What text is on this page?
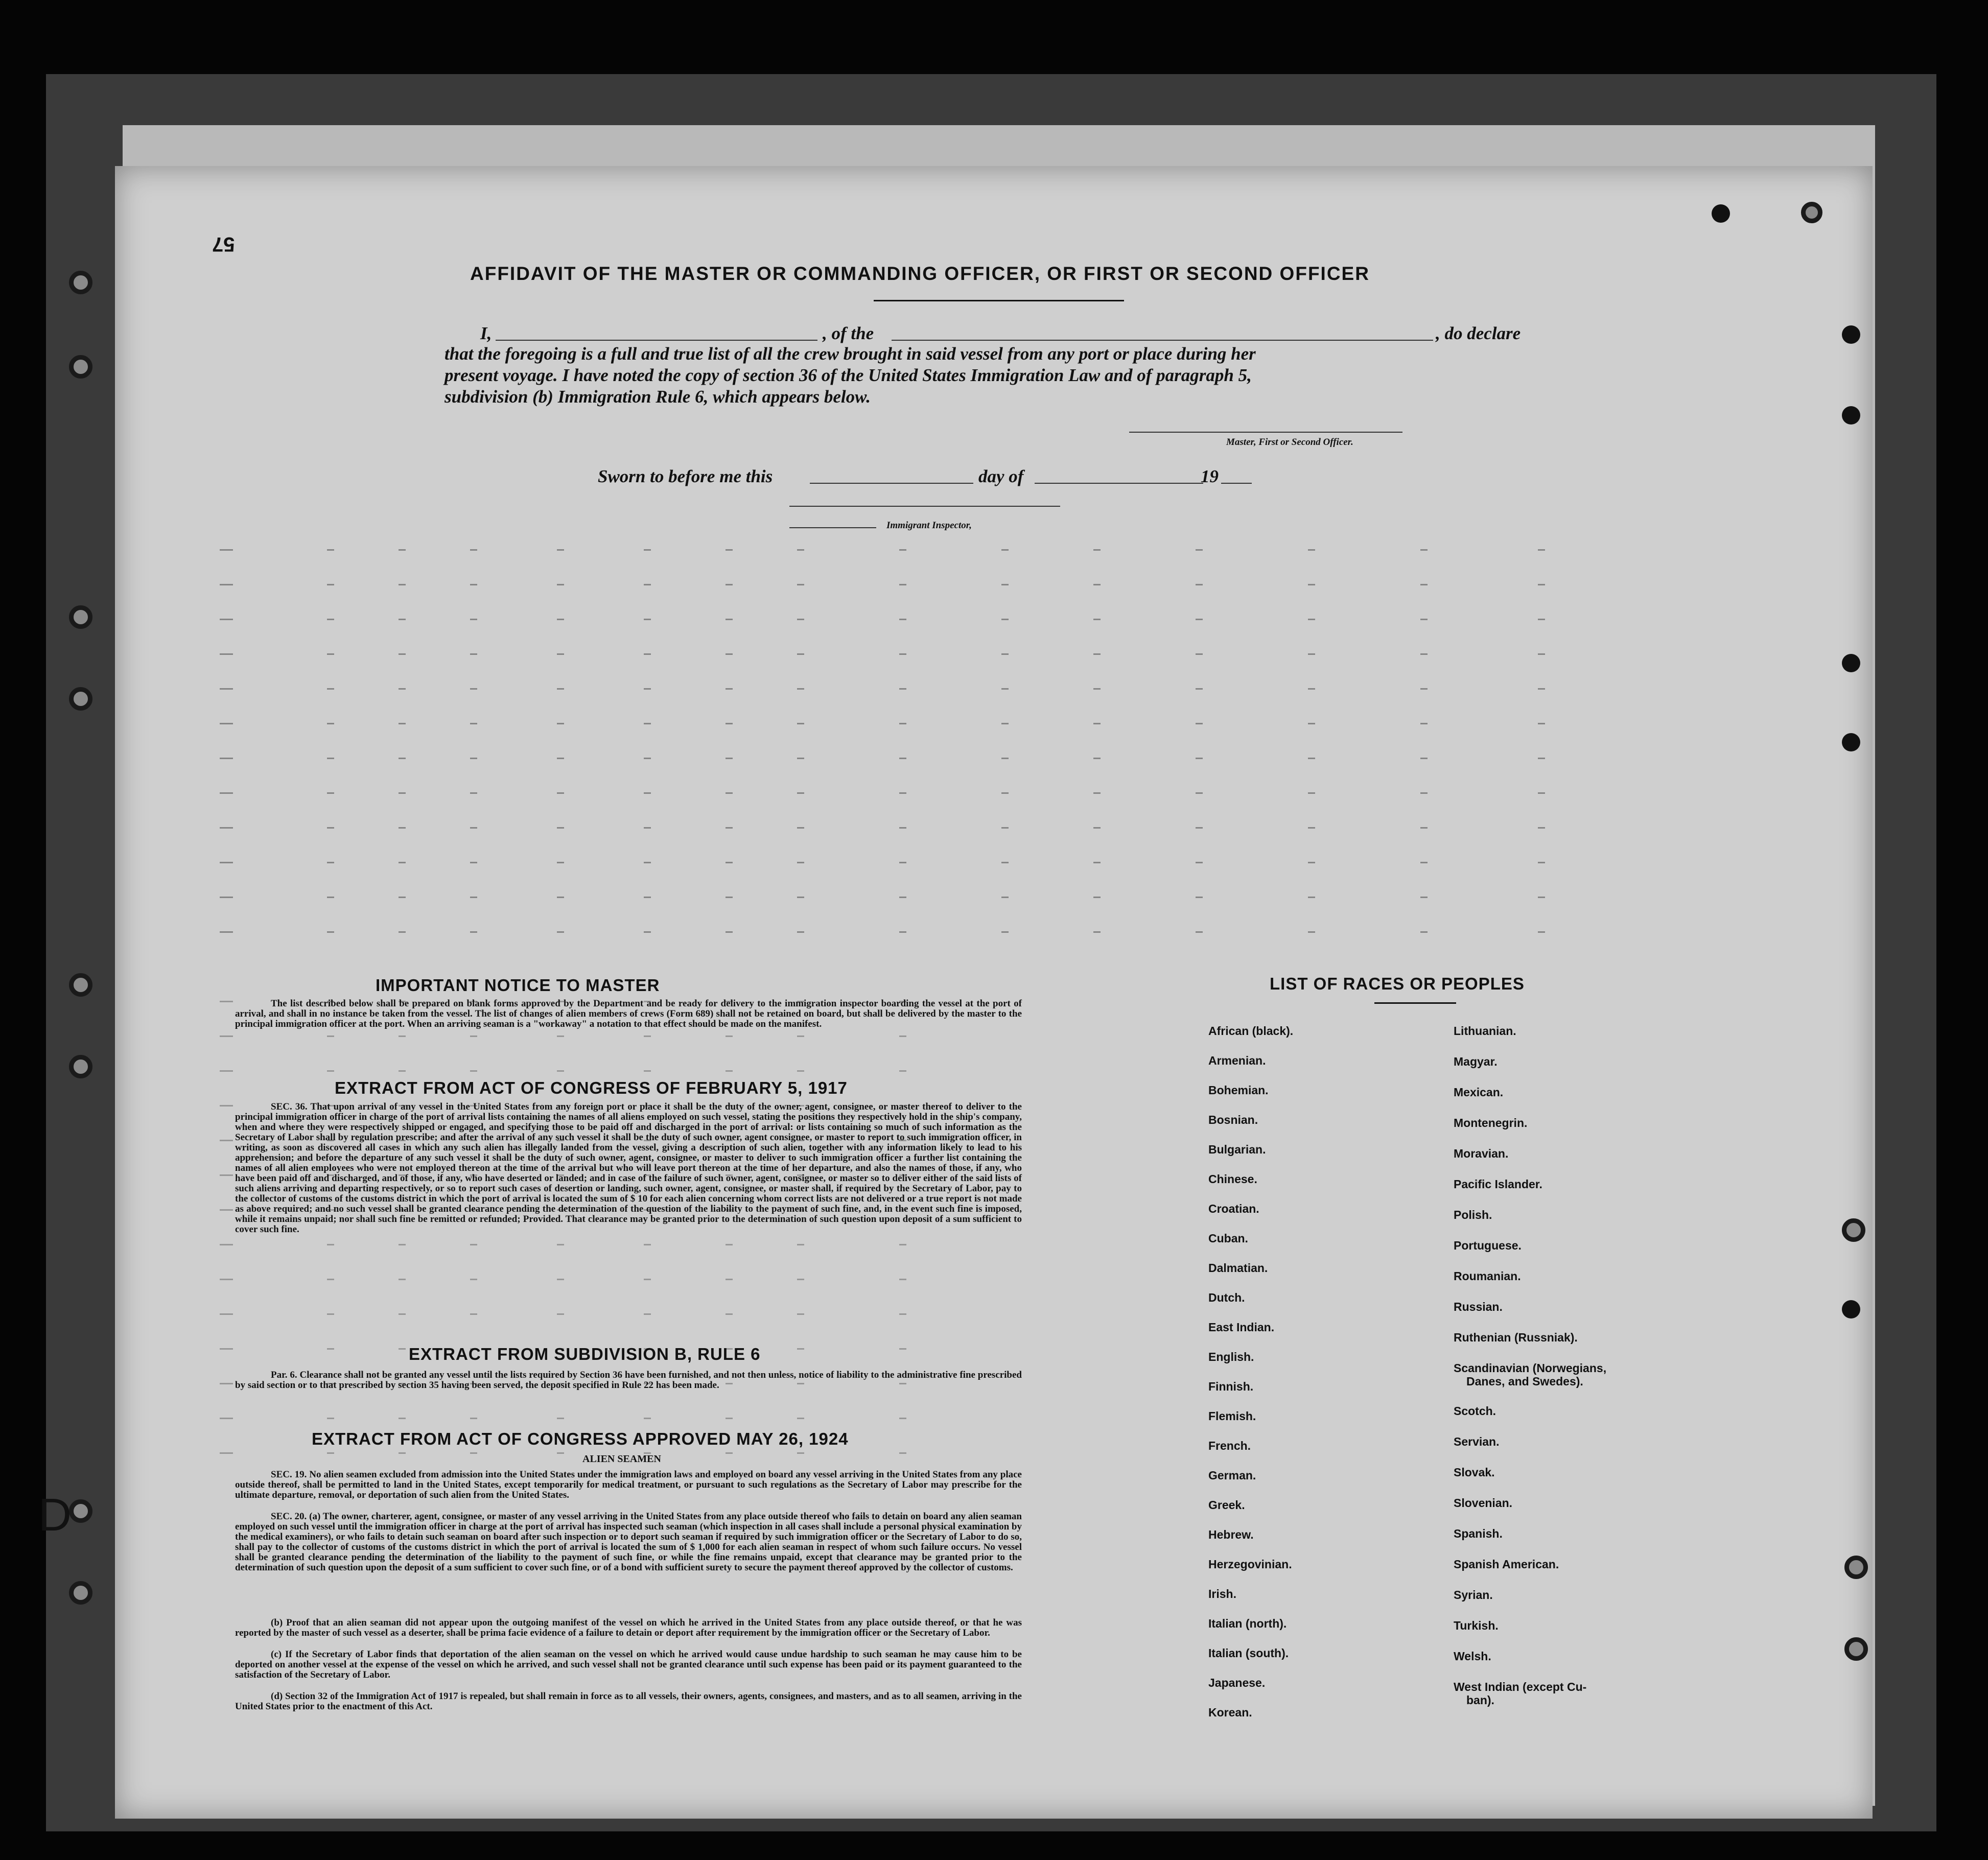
57
D
AFFIDAVIT OF THE MASTER OR COMMANDING OFFICER, OR FIRST OR SECOND OFFICER
I,	, of the	, do declare
that the foregoing is a full and true list of all the crew brought in said vessel from any port or place during her
present voyage. I have noted the copy of section 36 of the United States Immigration Law and of paragraph 5,
subdivision (b) Immigration Rule 6, which appears below.
Master, First or Second Officer.
Sworn to before me this	day of	19
Immigrant Inspector,
IMPORTANT NOTICE TO MASTER
The list described below shall be prepared on blank forms approved by the Department and be ready for delivery to the immigration inspector boarding the vessel at the port of arrival, and shall in no instance be taken from the vessel. The list of changes of alien members of crews (Form 689) shall not be retained on board, but shall be delivered by the master to the principal immigration officer at the port. When an arriving seaman is a "workaway" a notation to that effect should be made on the manifest.
EXTRACT FROM ACT OF CONGRESS OF FEBRUARY 5, 1917
SEC. 36. That upon arrival of any vessel in the United States from any foreign port or place it shall be the duty of the owner, agent, consignee, or master thereof to deliver to the principal immigration officer in charge of the port of arrival lists containing the names of all aliens employed on such vessel, stating the positions they respectively hold in the ship's company, when and where they were respectively shipped or engaged, and specifying those to be paid off and discharged in the port of arrival: or lists containing so much of such information as the Secretary of Labor shall by regulation prescribe; and after the arrival of any such vessel it shall be the duty of such owner, agent consignee, or master to report to such immigration officer, in writing, as soon as discovered all cases in which any such alien has illegally landed from the vessel, giving a description of such alien, together with any information likely to lead to his apprehension; and before the departure of any such vessel it shall be the duty of such owner, agent, consignee, or master to deliver to such immigration officer a further list containing the names of all alien employees who were not employed thereon at the time of the arrival but who will leave port thereon at the time of her departure, and also the names of those, if any, who have been paid off and discharged, and of those, if any, who have deserted or landed; and in case of the failure of such owner, agent, consignee, or master so to deliver either of the said lists of such aliens arriving and departing respectively, or so to report such cases of desertion or landing, such owner, agent, consignee, or master shall, if required by the Secretary of Labor, pay to the collector of customs of the customs district in which the port of arrival is located the sum of $ 10 for each alien concerning whom correct lists are not delivered or a true report is not made as above required; and no such vessel shall be granted clearance pending the determination of the question of the liability to the payment of such fine, and, in the event such fine is imposed, while it remains unpaid; nor shall such fine be remitted or refunded; Provided. That clearance may be granted prior to the determination of such question upon deposit of a sum sufficient to cover such fine.
EXTRACT FROM SUBDIVISION B, RULE 6
Par. 6. Clearance shall not be granted any vessel until the lists required by Section 36 have been furnished, and not then unless, notice of liability to the administrative fine prescribed by said section or to that prescribed by section 35 having been served, the deposit specified in Rule 22 has been made.
EXTRACT FROM ACT OF CONGRESS APPROVED MAY 26, 1924
ALIEN SEAMEN
SEC. 19. No alien seamen excluded from admission into the United States under the immigration laws and employed on board any vessel arriving in the United States from any place outside thereof, shall be permitted to land in the United States, except temporarily for medical treatment, or pursuant to such regulations as the Secretary of Labor may prescribe for the ultimate departure, removal, or deportation of such alien from the United States.
SEC. 20. (a) The owner, charterer, agent, consignee, or master of any vessel arriving in the United States from any place outside thereof who fails to detain on board any alien seaman employed on such vessel until the immigration officer in charge at the port of arrival has inspected such seaman (which inspection in all cases shall include a personal physical examination by the medical examiners), or who fails to detain such seaman on board after such inspection or to deport such seaman if required by such immigration officer or the Secretary of Labor to do so, shall pay to the collector of customs of the customs district in which the port of arrival is located the sum of $ 1,000 for each alien seaman in respect of whom such failure occurs. No vessel shall be granted clearance pending the determination of the liability to the payment of such fine, or while the fine remains unpaid, except that clearance may be granted prior to the determination of such question upon the deposit of a sum sufficient to cover such fine, or of a bond with sufficient surety to secure the payment thereof approved by the collector of customs.
(b) Proof that an alien seaman did not appear upon the outgoing manifest of the vessel on which he arrived in the United States from any place outside thereof, or that he was reported by the master of such vessel as a deserter, shall be prima facie evidence of a failure to detain or deport after requirement by the immigration officer or the Secretary of Labor.
(c) If the Secretary of Labor finds that deportation of the alien seaman on the vessel on which he arrived would cause undue hardship to such seaman he may cause him to be deported on another vessel at the expense of the vessel on which he arrived, and such vessel shall not be granted clearance until such expense has been paid or its payment guaranteed to the satisfaction of the Secretary of Labor.
(d) Section 32 of the Immigration Act of 1917 is repealed, but shall remain in force as to all vessels, their owners, agents, consignees, and masters, and as to all seamen, arriving in the United States prior to the enactment of this Act.
LIST OF RACES OR PEOPLES
African (black).
Armenian.
Bohemian.
Bosnian.
Bulgarian.
Chinese.
Croatian.
Cuban.
Dalmatian.
Dutch.
East Indian.
English.
Finnish.
Flemish.
French.
German.
Greek.
Hebrew.
Herzegovinian.
Irish.
Italian (north).
Italian (south).
Japanese.
Korean.
Lithuanian.
Magyar.
Mexican.
Montenegrin.
Moravian.
Pacific Islander.
Polish.
Portuguese.
Roumanian.
Russian.
Ruthenian (Russniak).
Scandinavian (Norwegians,
Danes, and Swedes).
Scotch.
Servian.
Slovak.
Slovenian.
Spanish.
Spanish American.
Syrian.
Turkish.
Welsh.
West Indian (except Cu-
ban).
